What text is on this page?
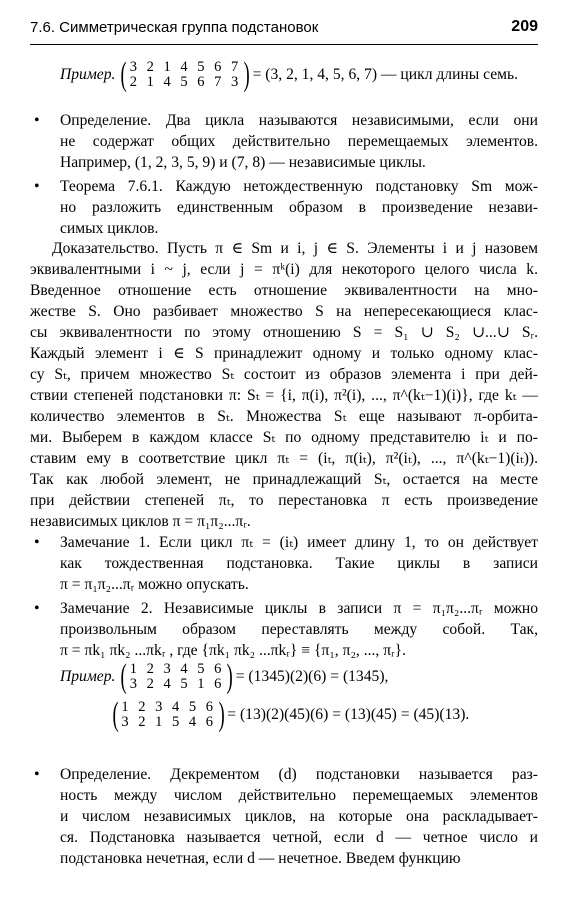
7.6. Симметрическая группа подстановок	209
Пример. ( 3 2 1 4 5 6 7
2 1 4 5 6 7 3 ) = (3, 2, 1, 4, 5, 6, 7) — цикл длины семь.
• Определение. Два цикла называются независимыми, если они
не содержат общих действительно перемещаемых элементов.
Например, (1, 2, 3, 5, 9) и (7, 8) — независимые циклы.
• Теорема 7.6.1. Каждую нетождественную подстановку Sm мож-
но разложить единственным образом в произведение незави-
симых циклов.
Доказательство. Пусть π ∈ Sm и i, j ∈ S. Элементы i и j назовем
эквивалентными i ~ j, если j = πᵏ(i) для некоторого целого числа k.
Введенное отношение есть отношение эквивалентности на мно-
жестве S. Оно разбивает множество S на непересекающиеся клас-
сы эквивалентности по этому отношению S = S₁ ∪ S₂ ∪...∪ Sᵣ.
Каждый элемент i ∈ S принадлежит одному и только одному клас-
су Sₜ, причем множество Sₜ состоит из образов элемента i при дей-
ствии степеней подстановки π: Sₜ = {i, π(i), π²(i), ..., π^(kₜ−1)(i)}, где kₜ —
количество элементов в Sₜ. Множества Sₜ еще называют π-орбита-
ми. Выберем в каждом классе Sₜ по одному представителю iₜ и по-
ставим ему в соответствие цикл πₜ = (iₜ, π(iₜ), π²(iₜ), ..., π^(kₜ−1)(iₜ)).
Так как любой элемент, не принадлежащий Sₜ, остается на месте
при действии степеней πₜ, то перестановка π есть произведение
независимых циклов π = π₁π₂...πᵣ.
• Замечание 1. Если цикл πₜ = (iₜ) имеет длину 1, то он действует
как тождественная подстановка. Такие циклы в записи
π = π₁π₂...πᵣ можно опускать.
• Замечание 2. Независимые циклы в записи π = π₁π₂...πᵣ можно
произвольным образом переставлять между собой. Так,
π = πk₁ πk₂ ...πkᵣ , где {πk₁ πk₂ ...πkᵣ} ≡ {π₁, π₂, ..., πᵣ}.
Пример. ( 1 2 3 4 5 6
3 2 4 5 1 6 ) = (1345)(2)(6) = (1345),
( 1 2 3 4 5 6
3 2 1 5 4 6 ) = (13)(2)(45)(6) = (13)(45) = (45)(13).
• Определение. Декрементом (d) подстановки называется раз-
ность между числом действительно перемещаемых элементов
и числом независимых циклов, на которые она раскладывает-
ся. Подстановка называется четной, если d — четное число и
подстановка нечетная, если d — нечетное. Введем функцию
